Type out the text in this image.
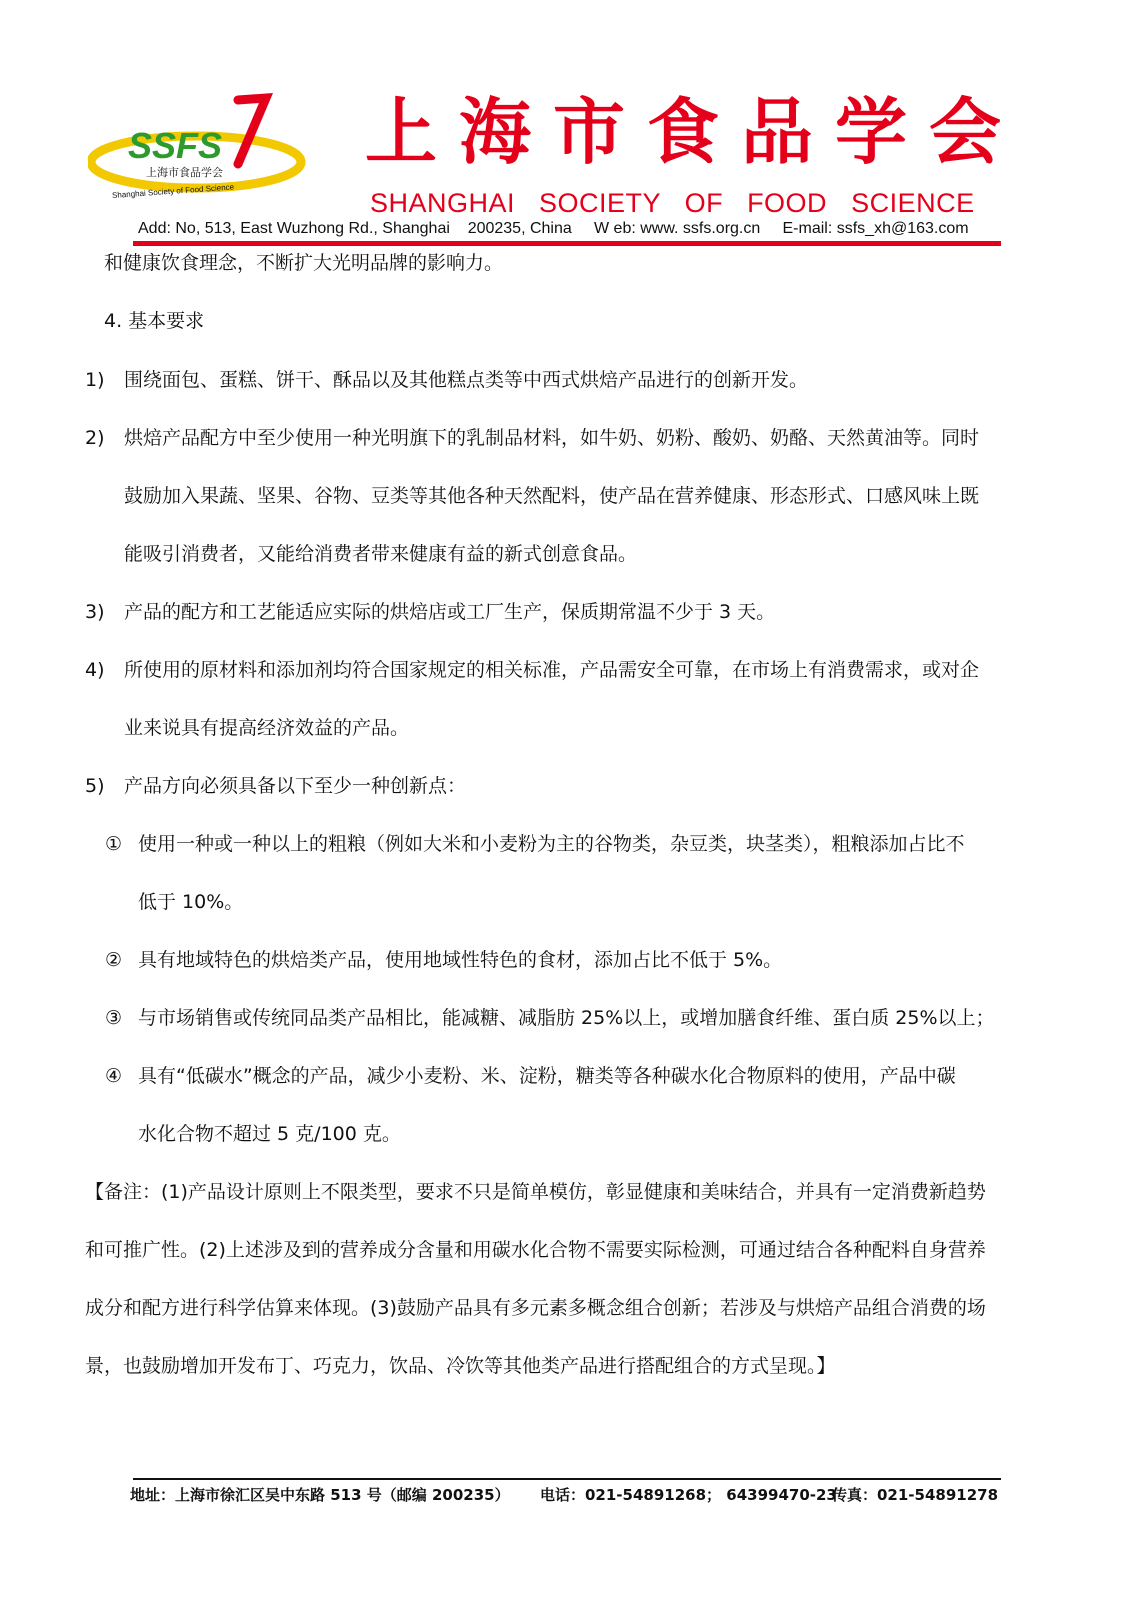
SSFS
上海市食品学会
Shanghai Society of Food Science
上海市食品学会
SHANGHAI   SOCIETY   OF   FOOD   SCIENCE
Add: No, 513, East Wuzhong Rd., Shanghai    200235, China     W eb: www. ssfs.org.cn     E-mail: ssfs_xh@163.com
和健康饮食理念，不断扩大光明品牌的影响力。
4. 基本要求
1) 围绕面包、蛋糕、饼干、酥品以及其他糕点类等中西式烘焙产品进行的创新开发。
2) 烘焙产品配方中至少使用一种光明旗下的乳制品材料，如牛奶、奶粉、酸奶、奶酪、天然黄油等。同时
鼓励加入果蔬、坚果、谷物、豆类等其他各种天然配料，使产品在营养健康、形态形式、口感风味上既
能吸引消费者，又能给消费者带来健康有益的新式创意食品。
3) 产品的配方和工艺能适应实际的烘焙店或工厂生产，保质期常温不少于 3 天。
4) 所使用的原材料和添加剂均符合国家规定的相关标准，产品需安全可靠，在市场上有消费需求，或对企
业来说具有提高经济效益的产品。
5) 产品方向必须具备以下至少一种创新点：
① 使用一种或一种以上的粗粮（例如大米和小麦粉为主的谷物类，杂豆类，块茎类），粗粮添加占比不
低于 10%。
② 具有地域特色的烘焙类产品，使用地域性特色的食材，添加占比不低于 5%。
③ 与市场销售或传统同品类产品相比，能减糖、减脂肪 25%以上，或增加膳食纤维、蛋白质 25%以上；
④ 具有“低碳水”概念的产品，减少小麦粉、米、淀粉，糖类等各种碳水化合物原料的使用，产品中碳
水化合物不超过 5 克/100 克。
【备注：(1)产品设计原则上不限类型，要求不只是简单模仿，彰显健康和美味结合，并具有一定消费新趋势
和可推广性。(2)上述涉及到的营养成分含量和用碳水化合物不需要实际检测，可通过结合各种配料自身营养
成分和配方进行科学估算来体现。(3)鼓励产品具有多元素多概念组合创新；若涉及与烘焙产品组合消费的场
景，也鼓励增加开发布丁、巧克力，饮品、冷饮等其他类产品进行搭配组合的方式呈现。】
地址：上海市徐汇区吴中东路 513 号（邮编 200235） 电话：021-54891268； 64399470-23
传真：021-54891278
